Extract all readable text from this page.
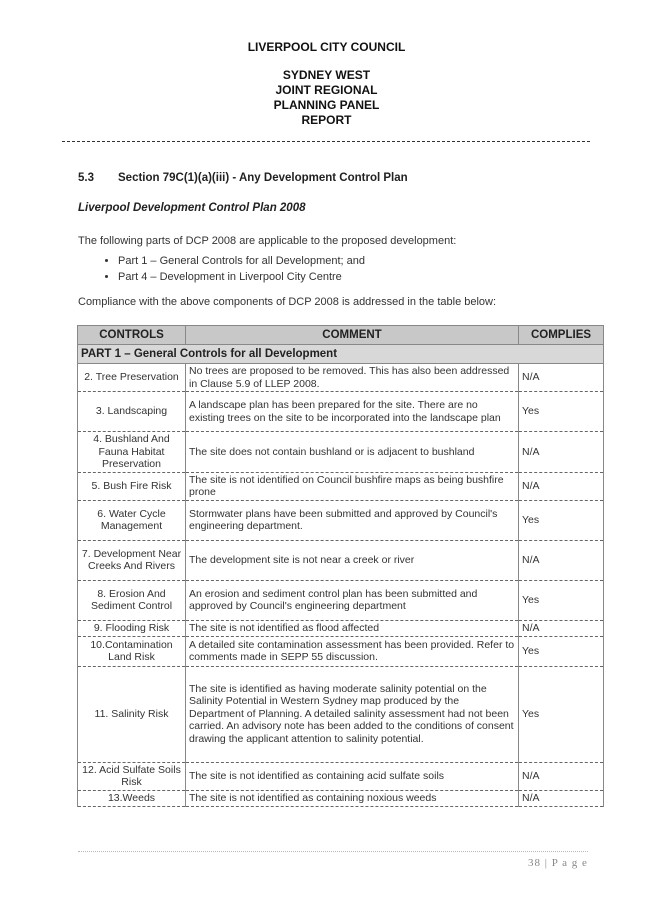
LIVERPOOL CITY COUNCIL
SYDNEY WEST
JOINT REGIONAL
PLANNING PANEL
REPORT
5.3 Section 79C(1)(a)(iii) - Any Development Control Plan
Liverpool Development Control Plan 2008
The following parts of DCP 2008 are applicable to the proposed development:
• Part 1 – General Controls for all Development; and
• Part 4 – Development in Liverpool City Centre
Compliance with the above components of DCP 2008 is addressed in the table below:
CONTROLS	COMMENT	COMPLIES
PART 1 – General Controls for all Development		
2. Tree Preservation	No trees are proposed to be removed. This has also been addressed in Clause 5.9 of LLEP 2008.	N/A
3. Landscaping	A landscape plan has been prepared for the site. There are no existing trees on the site to be incorporated into the landscape plan	Yes
4. Bushland And Fauna Habitat Preservation	The site does not contain bushland or is adjacent to bushland	N/A
5. Bush Fire Risk	The site is not identified on Council bushfire maps as being bushfire prone	N/A
6. Water Cycle Management	Stormwater plans have been submitted and approved by Council's engineering department.	Yes
7. Development Near Creeks And Rivers	The development site is not near a creek or river	N/A
8. Erosion And Sediment Control	An erosion and sediment control plan has been submitted and approved by Council's engineering department	Yes
9. Flooding Risk	The site is not identified as flood affected	N/A
10.Contamination Land Risk	A detailed site contamination assessment has been provided. Refer to comments made in SEPP 55 discussion.	Yes
11. Salinity Risk	The site is identified as having moderate salinity potential on the Salinity Potential in Western Sydney map produced by the Department of Planning. A detailed salinity assessment had not been carried. An advisory note has been added to the conditions of consent drawing the applicant attention to salinity potential.	Yes
12. Acid Sulfate Soils Risk	The site is not identified as containing acid sulfate soils	N/A
13.Weeds	The site is not identified as containing noxious weeds	N/A
38 | P a g e
